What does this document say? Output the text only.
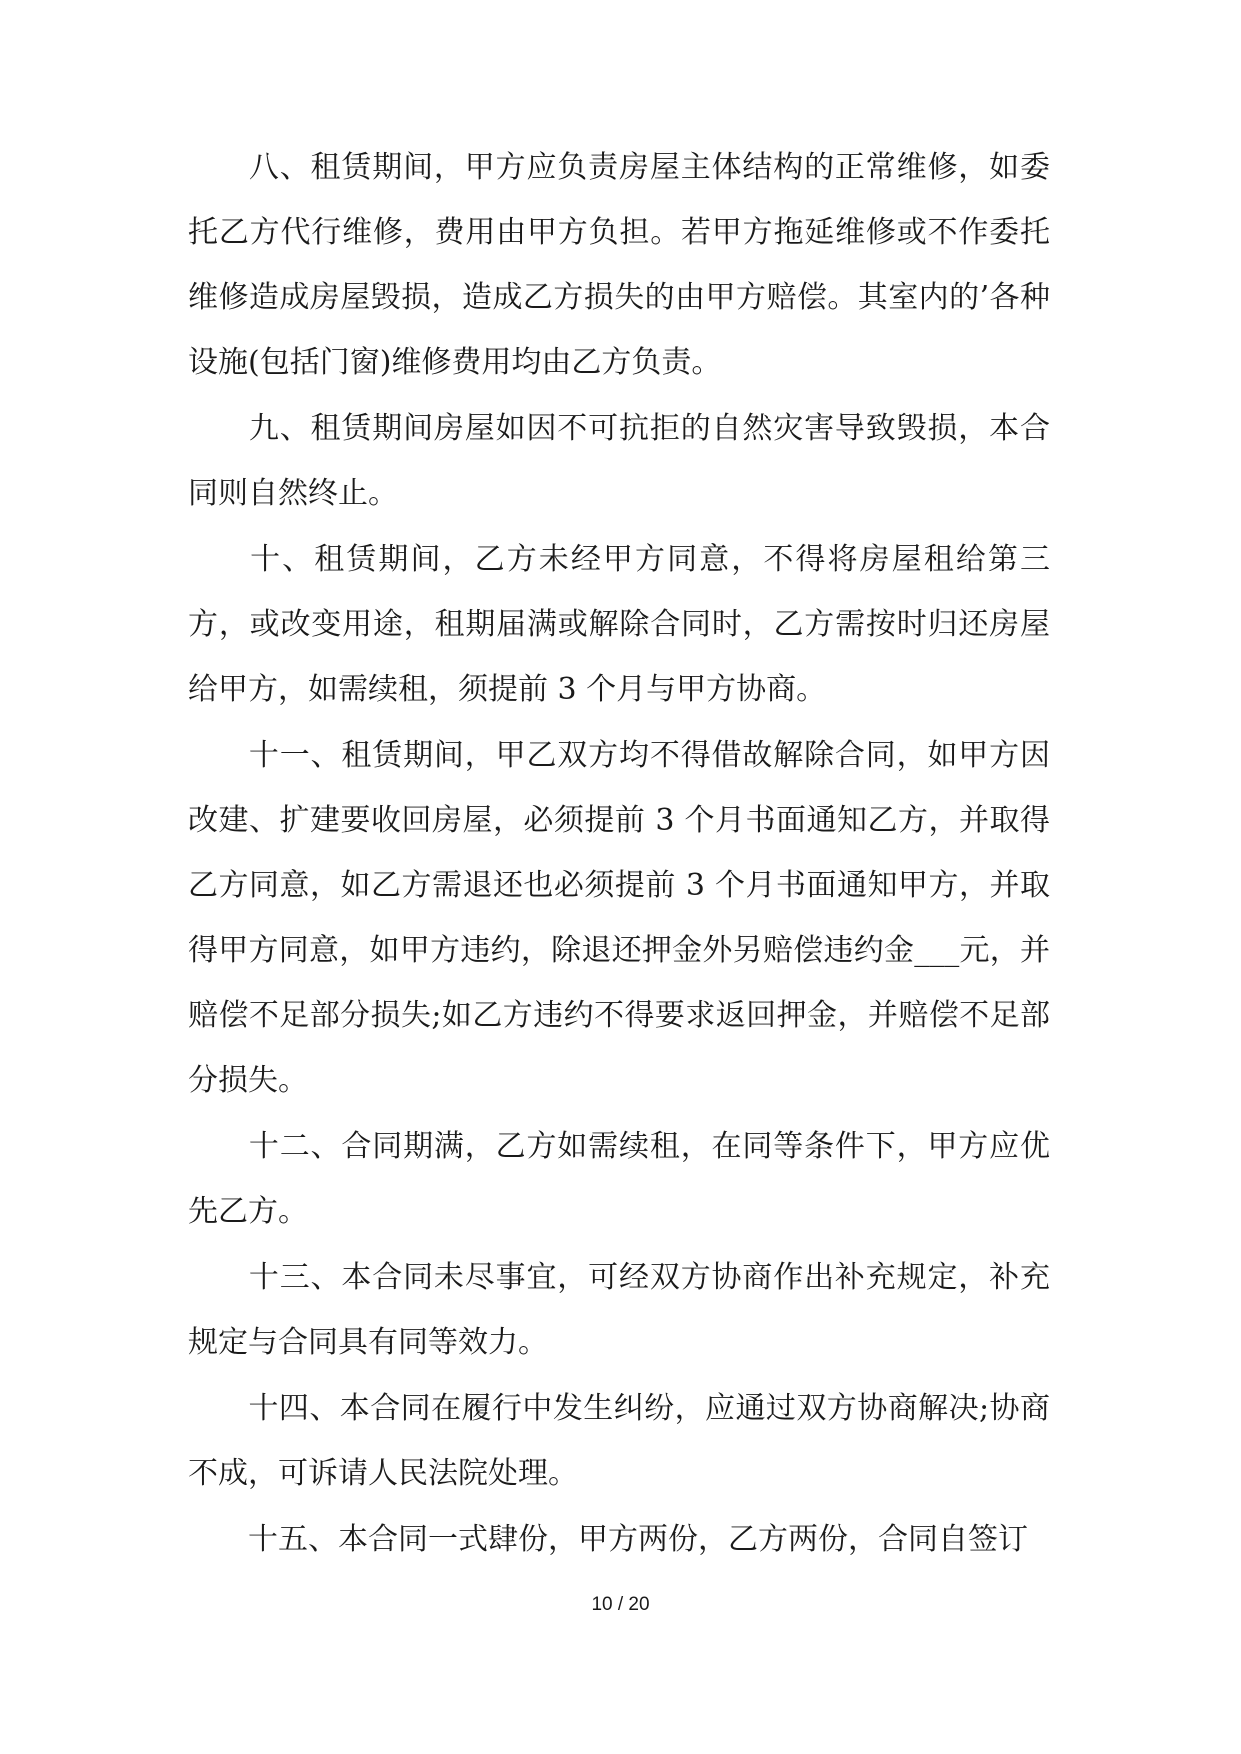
八、租赁期间，甲方应负责房屋主体结构的正常维修，如委托乙方代行维修，费用由甲方负担。若甲方拖延维修或不作委托维修造成房屋毁损，造成乙方损失的由甲方赔偿。其室内的’各种设施(包括门窗)维修费用均由乙方负责。

九、租赁期间房屋如因不可抗拒的自然灾害导致毁损，本合同则自然终止。

十、租赁期间，乙方未经甲方同意，不得将房屋租给第三方，或改变用途，租期届满或解除合同时，乙方需按时归还房屋给甲方，如需续租，须提前 3 个月与甲方协商。

十一、租赁期间，甲乙双方均不得借故解除合同，如甲方因改建、扩建要收回房屋，必须提前 3 个月书面通知乙方，并取得乙方同意，如乙方需退还也必须提前 3 个月书面通知甲方，并取得甲方同意，如甲方违约，除退还押金外另赔偿违约金___元，并赔偿不足部分损失;如乙方违约不得要求返回押金，并赔偿不足部分损失。

十二、合同期满，乙方如需续租，在同等条件下，甲方应优先乙方。

十三、本合同未尽事宜，可经双方协商作出补充规定，补充规定与合同具有同等效力。

十四、本合同在履行中发生纠纷，应通过双方协商解决;协商不成，可诉请人民法院处理。

十五、本合同一式肆份，甲方两份，乙方两份，合同自签订

10 / 20
